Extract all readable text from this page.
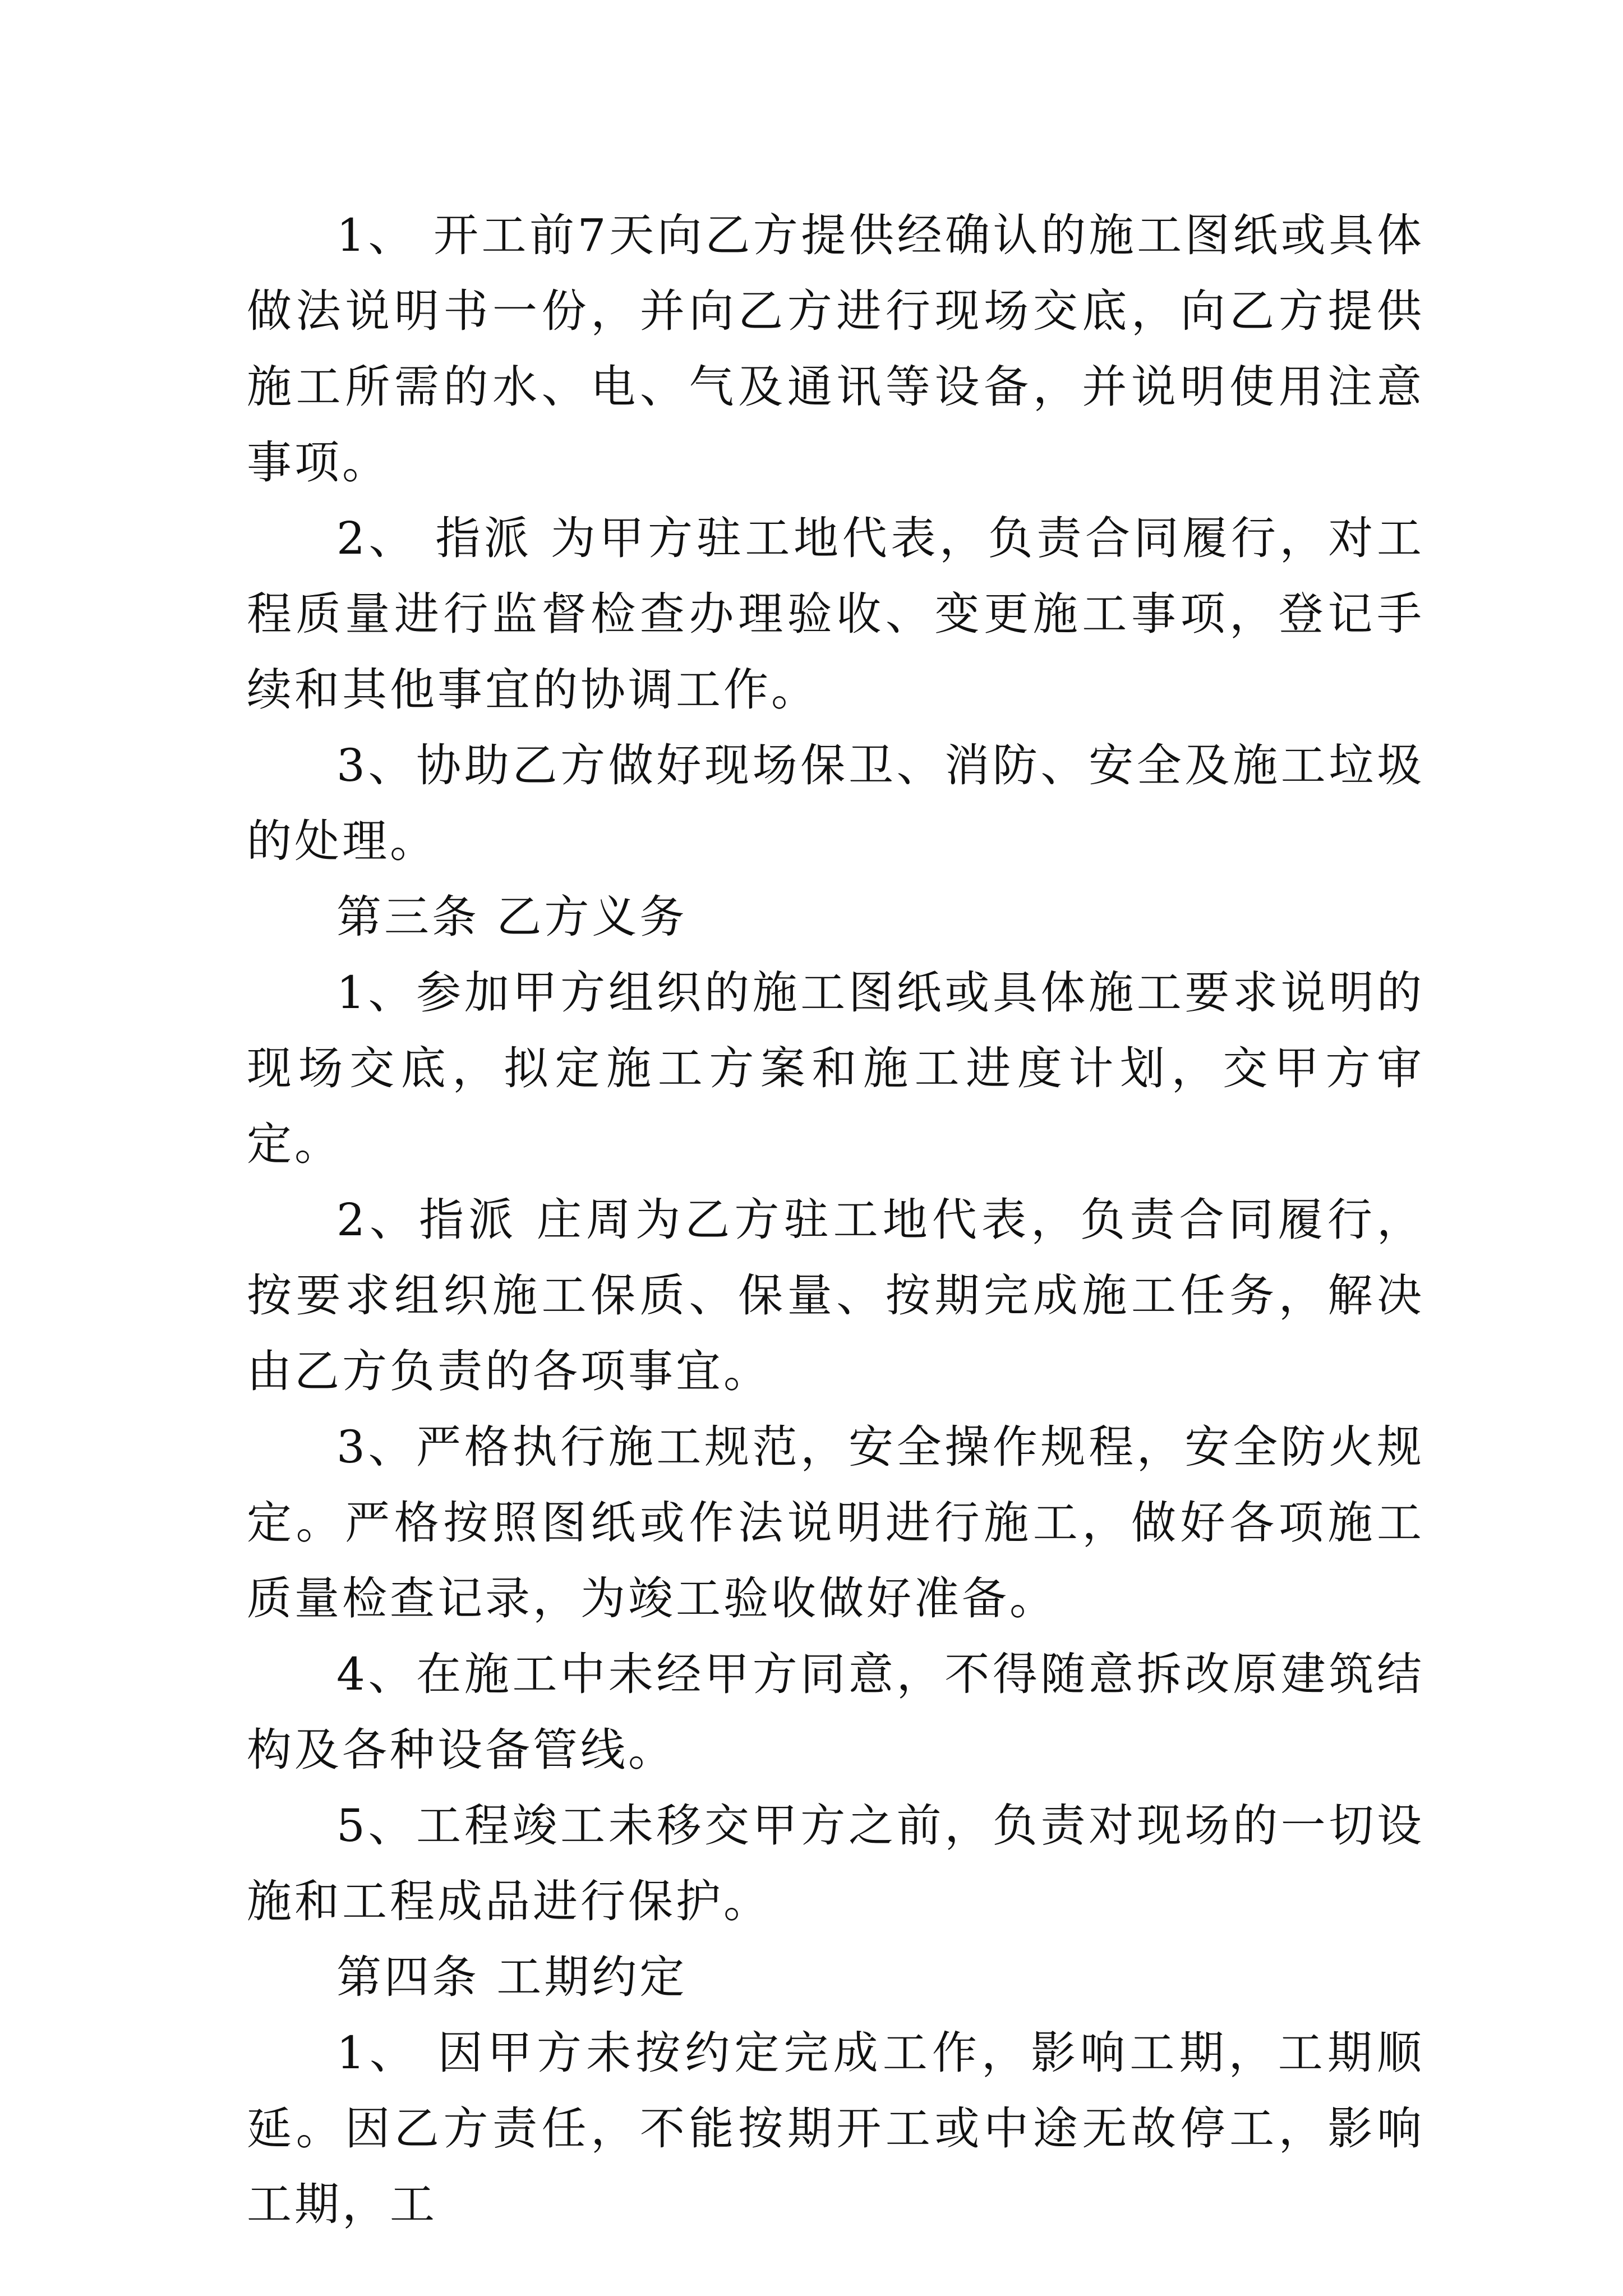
1、 开工前7天向乙方提供经确认的施工图纸或具体做法说明书一份，并向乙方进行现场交底，向乙方提供施工所需的水、电、气及通讯等设备，并说明使用注意事项。

2、 指派 为甲方驻工地代表，负责合同履行，对工程质量进行监督检查办理验收、变更施工事项，登记手续和其他事宜的协调工作。

3、协助乙方做好现场保卫、消防、安全及施工垃圾的处理。

第三条 乙方义务

1、参加甲方组织的施工图纸或具体施工要求说明的现场交底，拟定施工方案和施工进度计划，交甲方审定。

2、指派 庄周为乙方驻工地代表，负责合同履行，按要求组织施工保质、保量、按期完成施工任务，解决由乙方负责的各项事宜。

3、严格执行施工规范，安全操作规程，安全防火规定。严格按照图纸或作法说明进行施工，做好各项施工质量检查记录，为竣工验收做好准备。

4、在施工中未经甲方同意，不得随意拆改原建筑结构及各种设备管线。

5、工程竣工未移交甲方之前，负责对现场的一切设施和工程成品进行保护。

第四条 工期约定

1、 因甲方未按约定完成工作，影响工期，工期顺延。因乙方责任，不能按期开工或中途无故停工，影响工期，工
